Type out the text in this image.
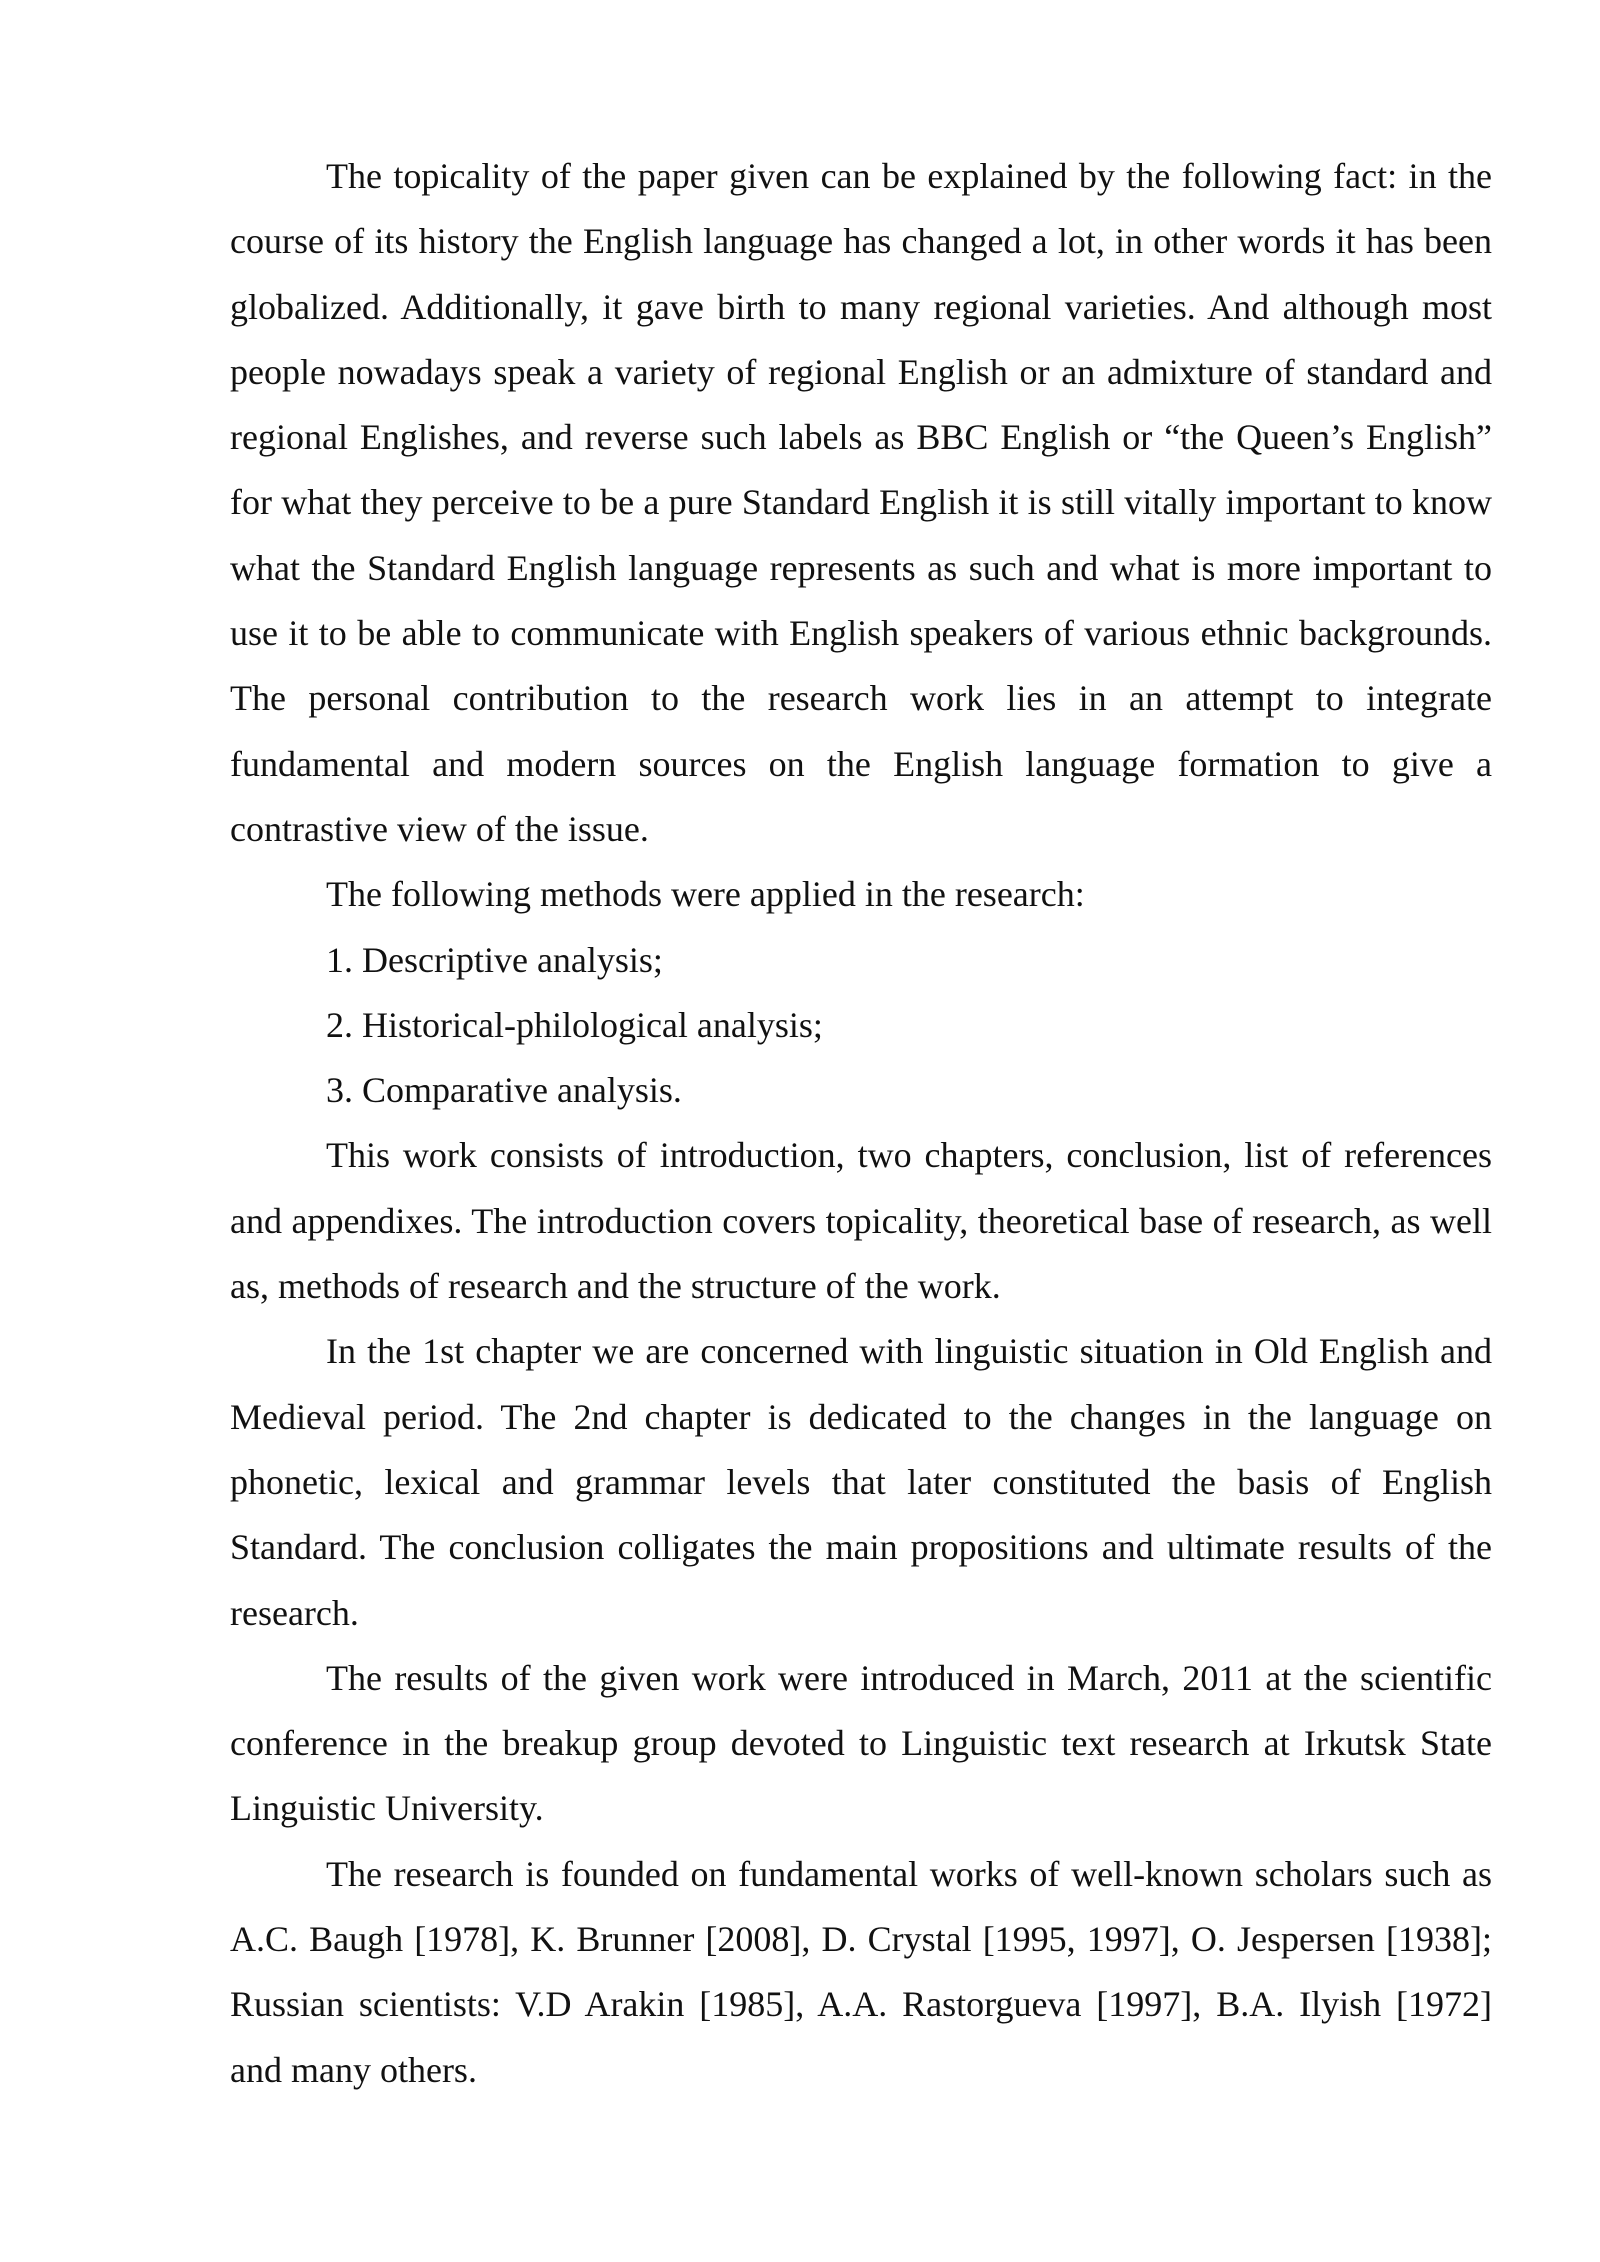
The topicality of the paper given can be explained by the following fact: in the course of its history the English language has changed a lot, in other words it has been globalized. Additionally, it gave birth to many regional varieties. And although most people nowadays speak a variety of regional English or an admixture of standard and regional Englishes, and reverse such labels as BBC English or “the Queen’s English” for what they perceive to be a pure Standard English it is still vitally important to know what the Standard English language represents as such and what is more important to use it to be able to communicate with English speakers of various ethnic backgrounds. The personal contribution to the research work lies in an attempt to integrate fundamental and modern sources on the English language formation to give a contrastive view of the issue.

The following methods were applied in the research:

1. Descriptive analysis;

2. Historical-philological analysis;

3. Comparative analysis.

This work consists of introduction, two chapters, conclusion, list of references and appendixes. The introduction covers topicality, theoretical base of research, as well as, methods of research and the structure of the work.

In the 1st chapter we are concerned with linguistic situation in Old English and Medieval period. The 2nd chapter is dedicated to the changes in the language on phonetic, lexical and grammar levels that later constituted the basis of English Standard. The conclusion colligates the main propositions and ultimate results of the research.

The results of the given work were introduced in March, 2011 at the scientific conference in the breakup group devoted to Linguistic text research at Irkutsk State Linguistic University.

The research is founded on fundamental works of well-known scholars such as A.C. Baugh [1978], K. Brunner [2008], D. Crystal [1995, 1997], O. Jespersen [1938]; Russian scientists: V.D Arakin [1985], A.A. Rastorgueva [1997], B.A. Ilyish [1972] and many others.
